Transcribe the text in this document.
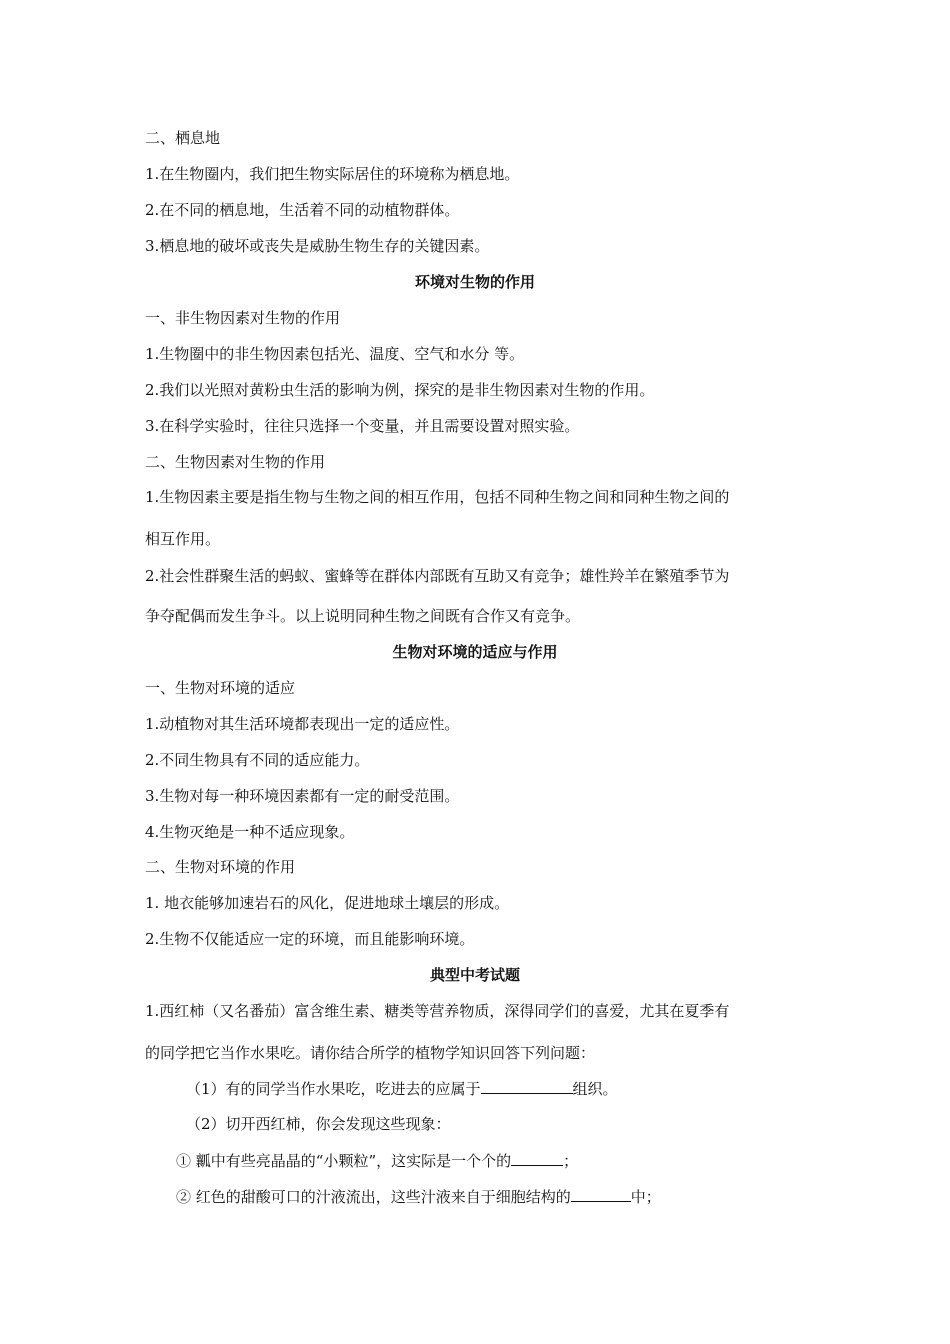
二、栖息地
1.在生物圈内，我们把生物实际居住的环境称为栖息地。
2.在不同的栖息地，生活着不同的动植物群体。
3.栖息地的破坏或丧失是威胁生物生存的关键因素。
环境对生物的作用
一、非生物因素对生物的作用
1.生物圈中的非生物因素包括光、温度、空气和水分 等。
2.我们以光照对黄粉虫生活的影响为例，探究的是非生物因素对生物的作用。
3.在科学实验时，往往只选择一个变量，并且需要设置对照实验。
二、生物因素对生物的作用
1.生物因素主要是指生物与生物之间的相互作用，包括不同种生物之间和同种生物之间的
相互作用。
2.社会性群聚生活的蚂蚁、蜜蜂等在群体内部既有互助又有竞争；雄性羚羊在繁殖季节为
争夺配偶而发生争斗。以上说明同种生物之间既有合作又有竞争。
生物对环境的适应与作用
一、生物对环境的适应
1.动植物对其生活环境都表现出一定的适应性。
2.不同生物具有不同的适应能力。
3.生物对每一种环境因素都有一定的耐受范围。
4.生物灭绝是一种不适应现象。
二、生物对环境的作用
1. 地衣能够加速岩石的风化，促进地球土壤层的形成。
2.生物不仅能适应一定的环境，而且能影响环境。
典型中考试题
1.西红柿（又名番茄）富含维生素、糖类等营养物质，深得同学们的喜爱，尤其在夏季有
的同学把它当作水果吃。请你结合所学的植物学知识回答下列问题：
（1）有的同学当作水果吃，吃进去的应属于	组织。
（2）切开西红柿，你会发现这些现象：
① 瓤中有些亮晶晶的“小颗粒”，这实际是一个个的	；
② 红色的甜酸可口的汁液流出，这些汁液来自于细胞结构的	中；
